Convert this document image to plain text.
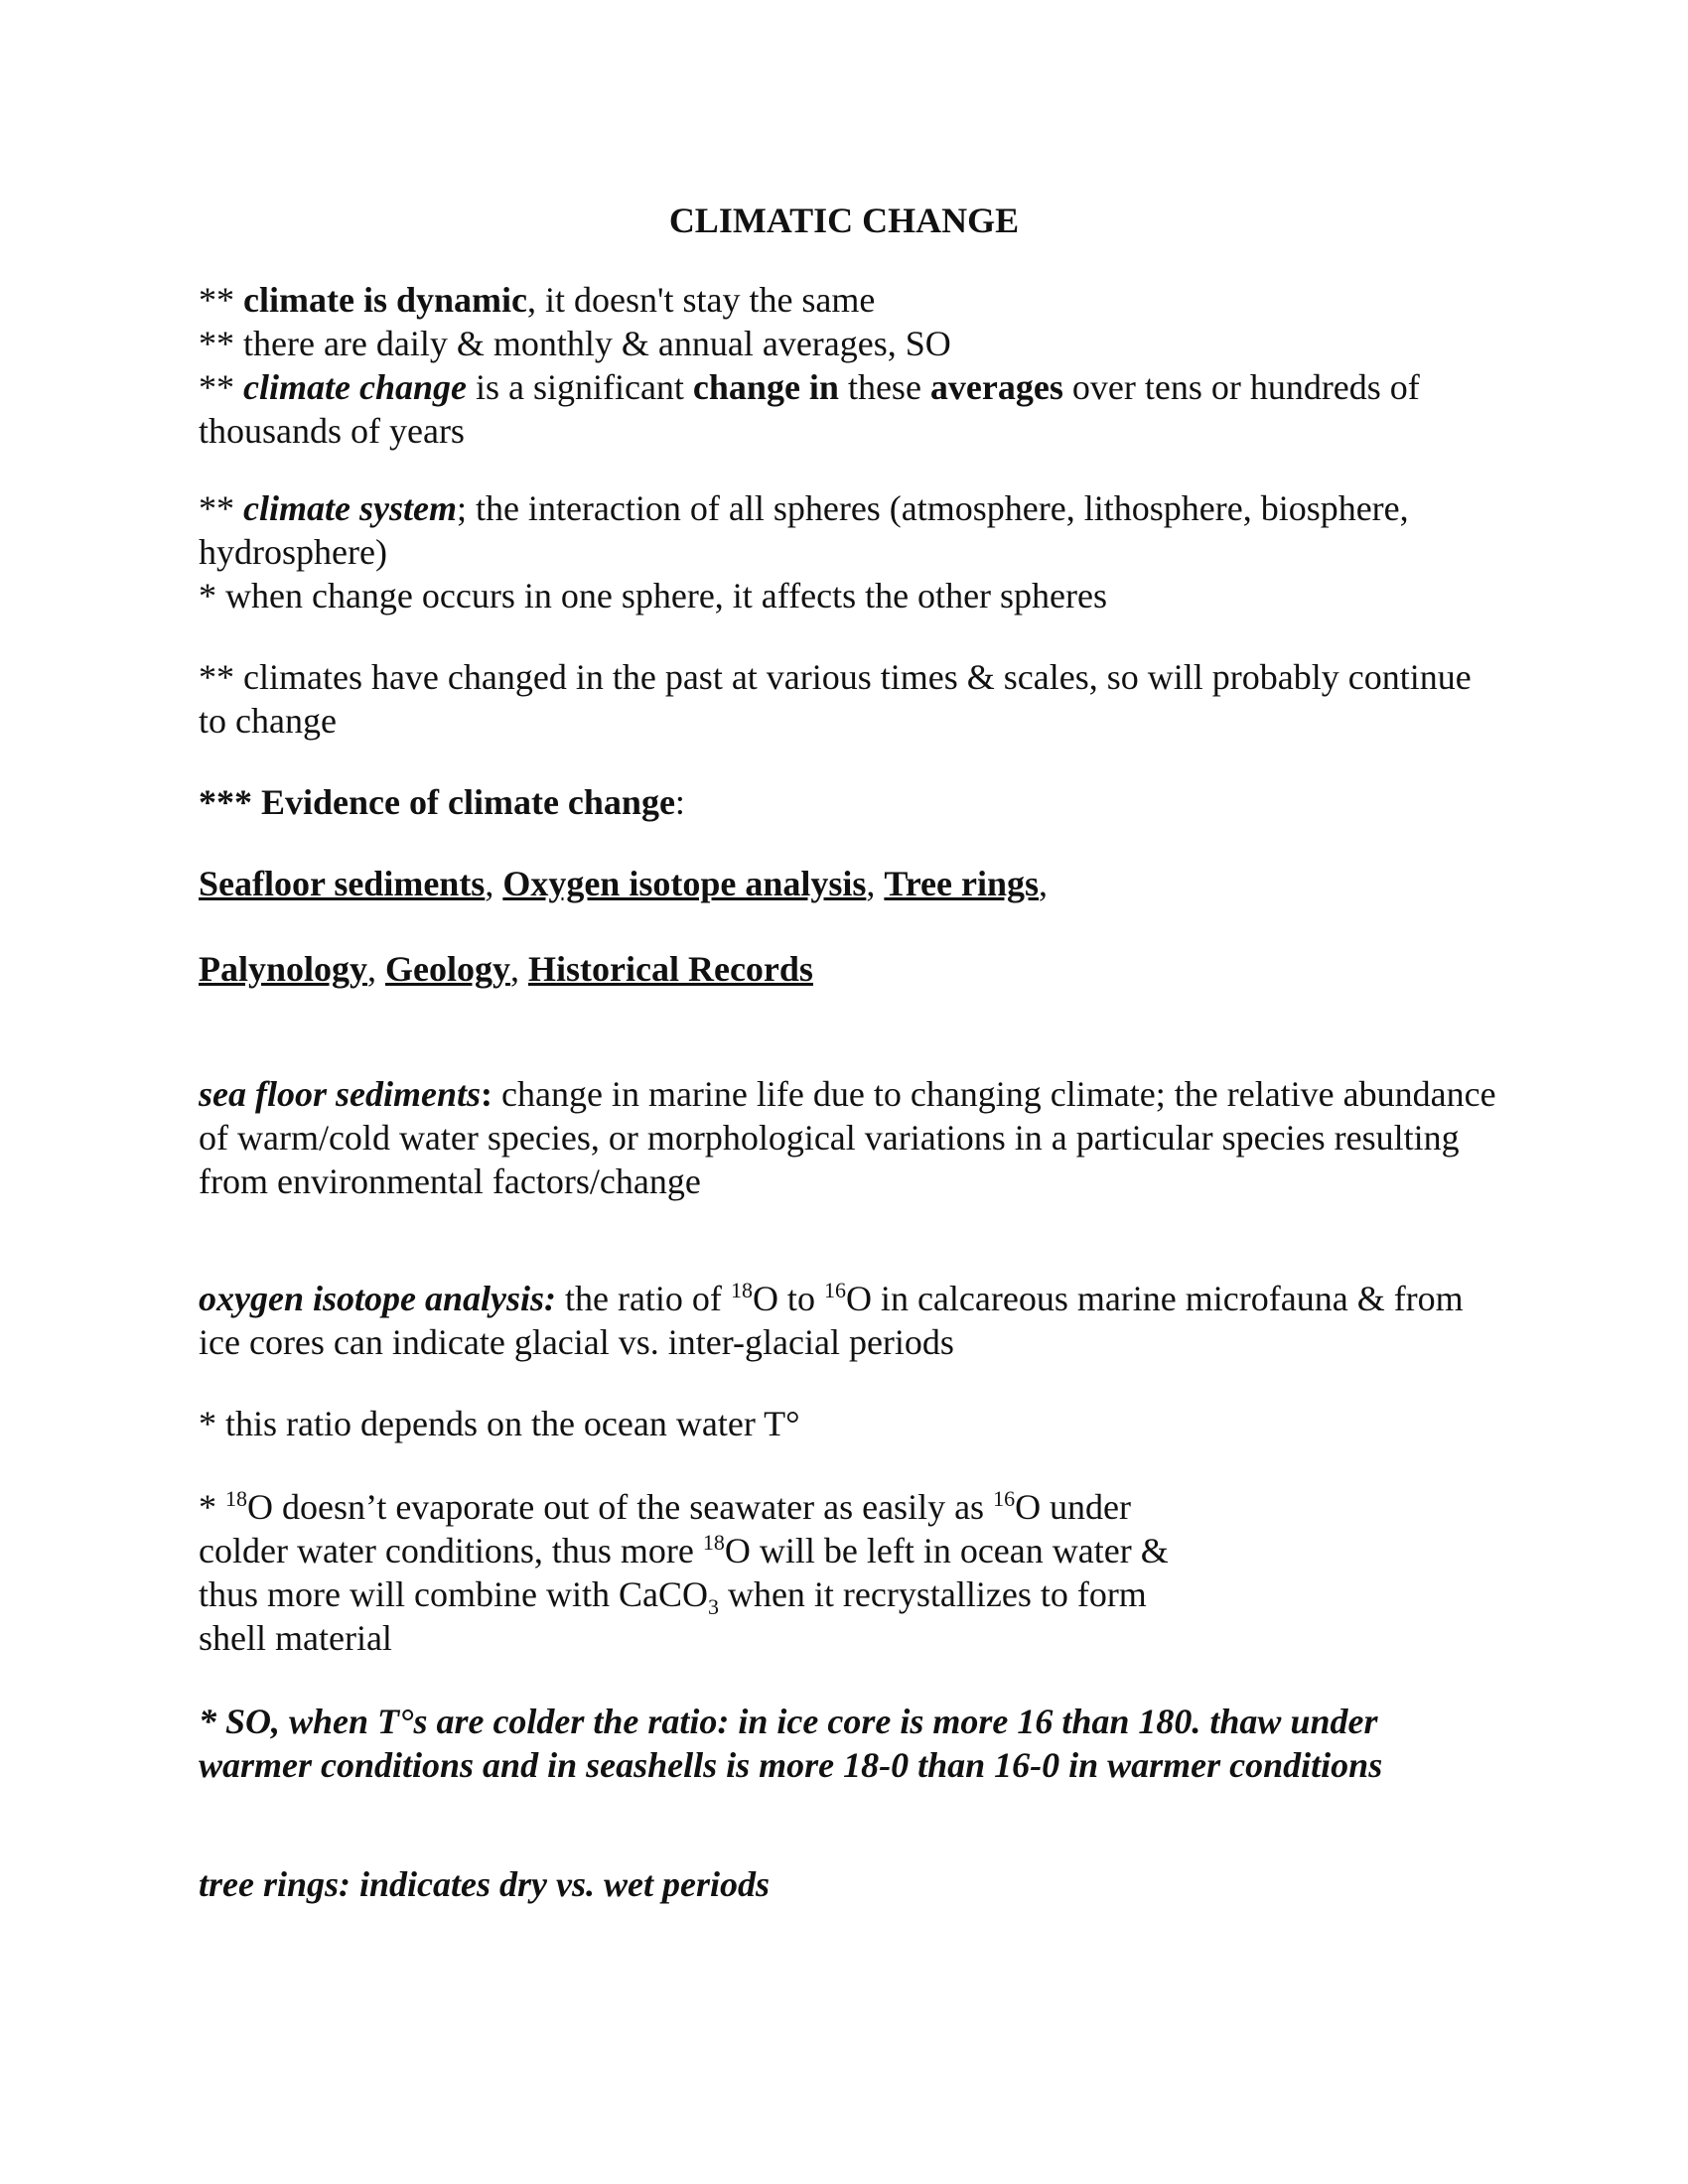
CLIMATIC CHANGE

** climate is dynamic, it doesn't stay the same
** there are daily & monthly & annual averages, SO
** climate change is a significant change in these averages over tens or hundreds of thousands of years

** climate system; the interaction of all spheres (atmosphere, lithosphere, biosphere, hydrosphere)
* when change occurs in one sphere, it affects the other spheres

** climates have changed in the past at various times & scales, so will probably continue to change

*** Evidence of climate change:

Seafloor sediments, Oxygen isotope analysis, Tree rings,

Palynology, Geology, Historical Records

sea floor sediments: change in marine life due to changing climate; the relative abundance of warm/cold water species, or morphological variations in a particular species resulting from environmental factors/change

oxygen isotope analysis: the ratio of $^{18}$O to $^{16}$O in calcareous marine microfauna & from ice cores can indicate glacial vs. inter-glacial periods

* this ratio depends on the ocean water T°

* $^{18}$O doesn’t evaporate out of the seawater as easily as $^{16}$O under colder water conditions, thus more $^{18}$O will be left in ocean water & thus more will combine with CaCO$_3$ when it recrystallizes to form shell material

* SO, when T°s are colder the ratio: in ice core is more 16 than 180. thaw under warmer conditions and in seashells is more 18-0 than 16-0 in warmer conditions

tree rings: indicates dry vs. wet periods
